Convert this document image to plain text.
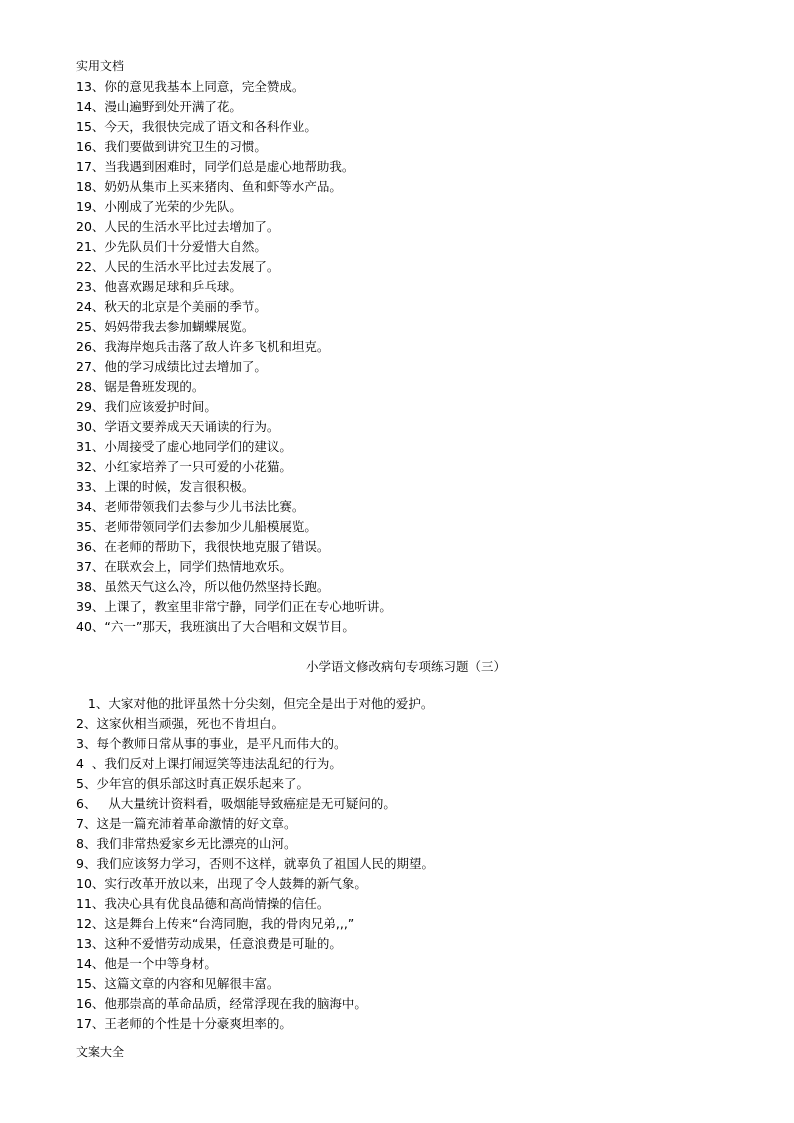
实用文档
13、你的意见我基本上同意，完全赞成。
14、漫山遍野到处开满了花。
15、今天，我很快完成了语文和各科作业。
16、我们要做到讲究卫生的习惯。
17、当我遇到困难时，同学们总是虚心地帮助我。
18、奶奶从集市上买来猪肉、鱼和虾等水产品。
19、小刚成了光荣的少先队。
20、人民的生活水平比过去增加了。
21、少先队员们十分爱惜大自然。
22、人民的生活水平比过去发展了。
23、他喜欢踢足球和乒乓球。
24、秋天的北京是个美丽的季节。
25、妈妈带我去参加蝴蝶展览。
26、我海岸炮兵击落了敌人许多飞机和坦克。
27、他的学习成绩比过去增加了。
28、锯是鲁班发现的。
29、我们应该爱护时间。
30、学语文要养成天天诵读的行为。
31、小周接受了虚心地同学们的建议。
32、小红家培养了一只可爱的小花猫。
33、上课的时候，发言很积极。
34、老师带领我们去参与少儿书法比赛。
35、老师带领同学们去参加少儿船模展览。
36、在老师的帮助下，我很快地克服了错误。
37、在联欢会上，同学们热情地欢乐。
38、虽然天气这么冷，所以他仍然坚持长跑。
39、上课了，教室里非常宁静，同学们正在专心地听讲。
40、“六一”那天，我班演出了大合唱和文娱节目。
小学语文修改病句专项练习题（三）
1、大家对他的批评虽然十分尖刻，但完全是出于对他的爱护。
2、这家伙相当顽强，死也不肯坦白。
3、每个教师日常从事的事业，是平凡而伟大的。
4  、我们反对上课打闹逗笑等违法乱纪的行为。
5、少年宫的俱乐部这时真正娱乐起来了。
6、   从大量统计资料看，吸烟能导致癌症是无可疑问的。
7、这是一篇充沛着革命激情的好文章。
8、我们非常热爱家乡无比漂亮的山河。
9、我们应该努力学习，否则不这样，就辜负了祖国人民的期望。
10、实行改革开放以来，出现了令人鼓舞的新气象。
11、我决心具有优良品德和高尚情操的信任。
12、这是舞台上传来“台湾同胞，我的骨肉兄弟,,,”
13、这种不爱惜劳动成果，任意浪费是可耻的。
14、他是一个中等身材。
15、这篇文章的内容和见解很丰富。
16、他那崇高的革命品质，经常浮现在我的脑海中。
17、王老师的个性是十分豪爽坦率的。
文案大全
